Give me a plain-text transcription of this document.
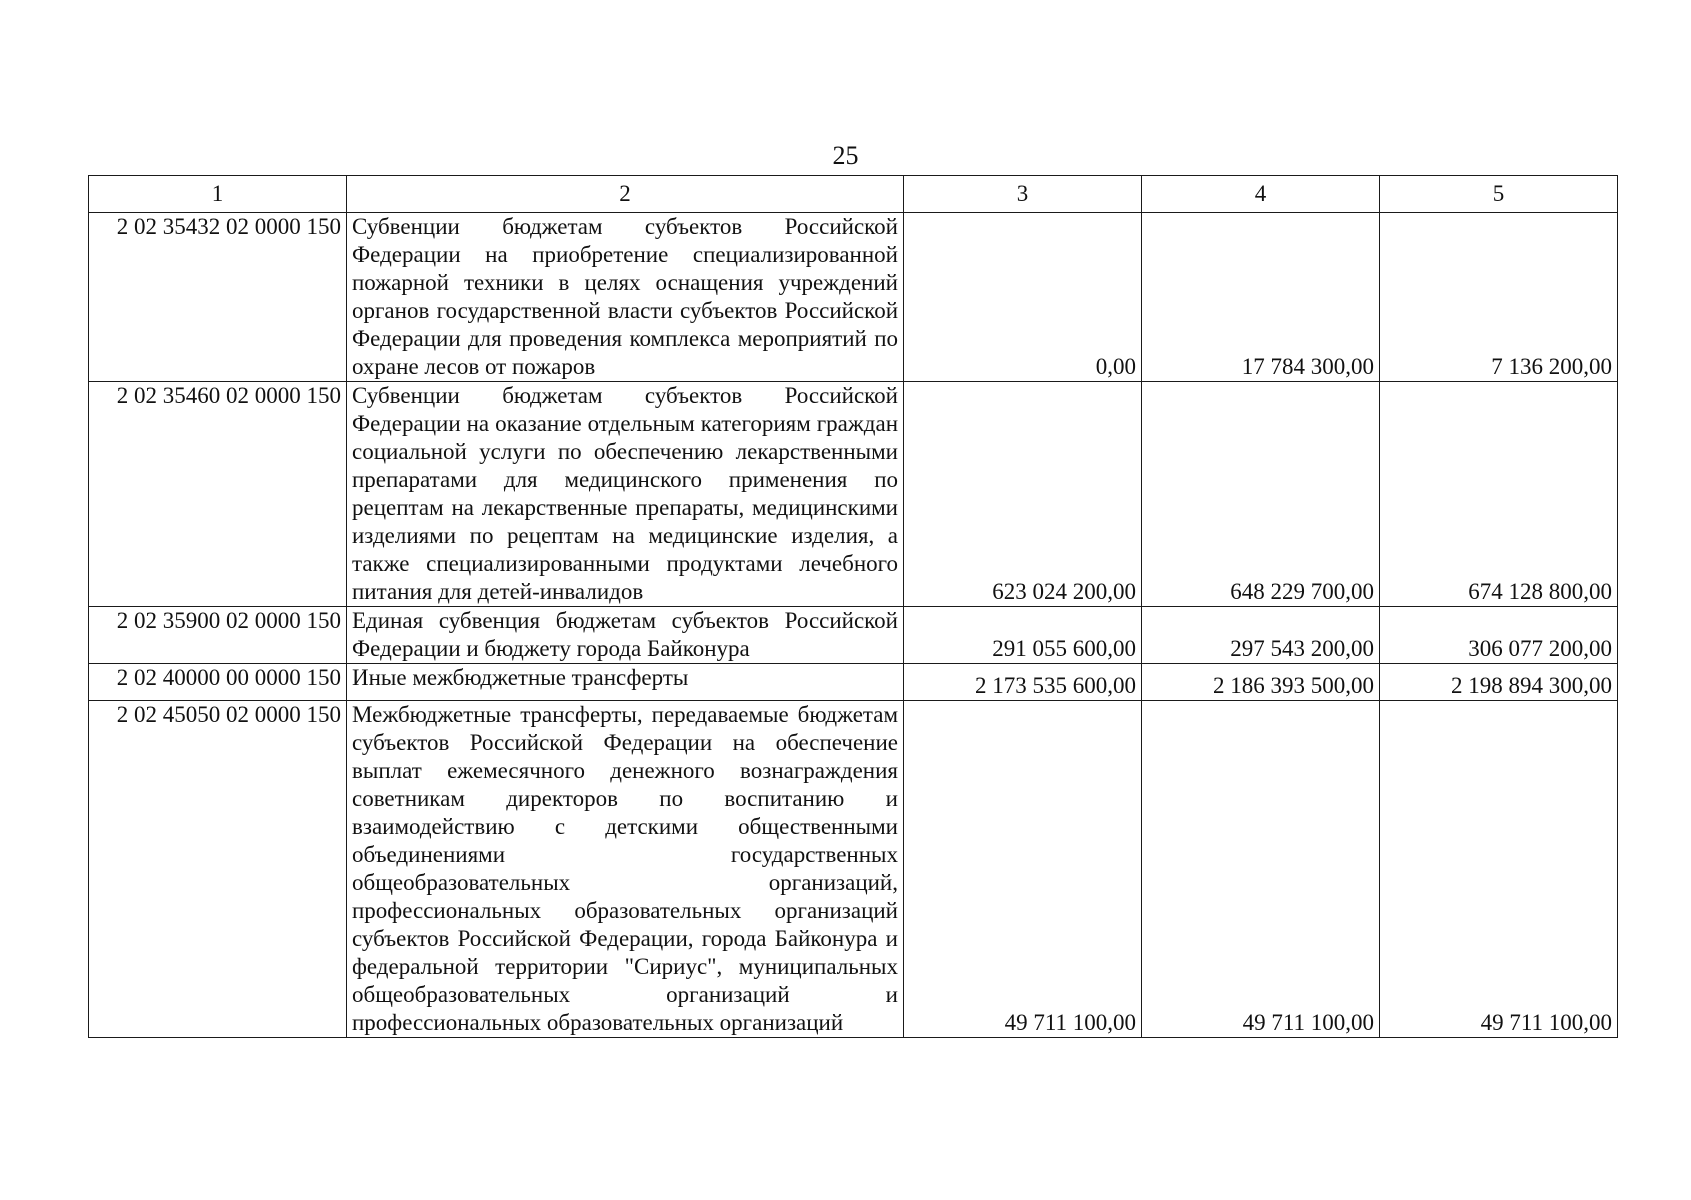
25
1	2	3	4	5
2 02 35432 02 0000 150	Субвенции бюджетам субъектов Российской Федерации на приобретение специализированной пожарной техники в целях оснащения учреждений органов государственной власти субъектов Российской Федерации для проведения комплекса мероприятий по охране лесов от пожаров	0,00	17 784 300,00	7 136 200,00
2 02 35460 02 0000 150	Субвенции бюджетам субъектов Российской Федерации на оказание отдельным категориям граждан социальной услуги по обеспечению лекарственными препаратами для медицинского применения по рецептам на лекарственные препараты, медицинскими изделиями по рецептам на медицинские изделия, а также специализированными продуктами лечебного питания для детей-инвалидов	623 024 200,00	648 229 700,00	674 128 800,00
2 02 35900 02 0000 150	Единая субвенция бюджетам субъектов Российской Федерации и бюджету города Байконура	291 055 600,00	297 543 200,00	306 077 200,00
2 02 40000 00 0000 150	Иные межбюджетные трансферты	2 173 535 600,00	2 186 393 500,00	2 198 894 300,00
2 02 45050 02 0000 150	Межбюджетные трансферты, передаваемые бюджетам субъектов Российской Федерации на обеспечение выплат ежемесячного денежного вознаграждения советникам директоров по воспитанию и взаимодействию с детскими общественными объединениями государственных общеобразовательных организаций, профессиональных образовательных организаций субъектов Российской Федерации, города Байконура и федеральной территории "Сириус", муниципальных общеобразовательных организаций и профессиональных образовательных организаций	49 711 100,00	49 711 100,00	49 711 100,00
